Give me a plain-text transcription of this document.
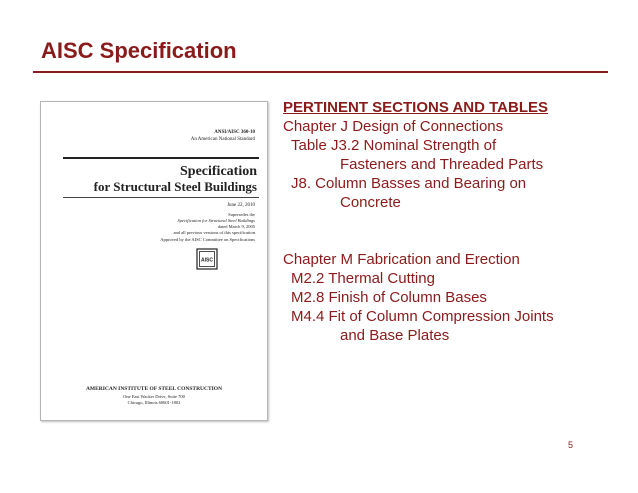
AISC Specification
ANSI/AISC 360-10
An American National Standard
Specification
for Structural Steel Buildings
June 22, 2010
Supersedes the
Specification for Structural Steel Buildings
dated March 9, 2005
and all previous versions of this specification
Approved by the AISC Committee on Specifications
AISC
AMERICAN INSTITUTE OF STEEL CONSTRUCTION
One East Wacker Drive, Suite 700
Chicago, Illinois 60601-1802
PERTINENT SECTIONS AND TABLES
Chapter J Design of Connections
Table J3.2 Nominal Strength of
Fasteners and Threaded Parts
J8. Column Basses and Bearing on
Concrete
Chapter M Fabrication and Erection
M2.2 Thermal Cutting
M2.8 Finish of Column Bases
M4.4 Fit of Column Compression Joints
and Base Plates
5
